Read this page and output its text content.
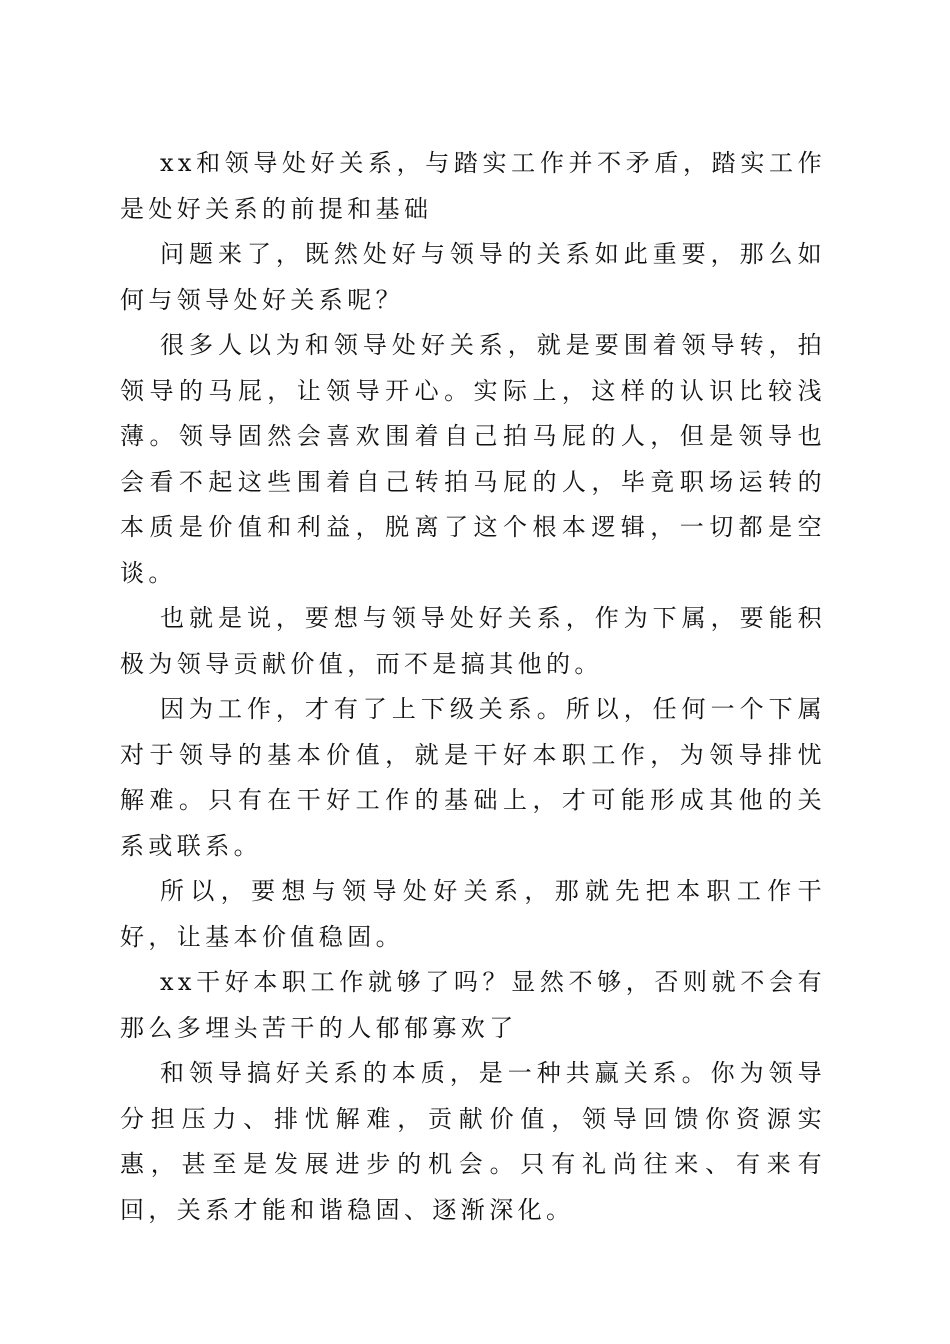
xx和领导处好关系，与踏实工作并不矛盾，踏实工作是处好关系的前提和基础

问题来了，既然处好与领导的关系如此重要，那么如何与领导处好关系呢？

很多人以为和领导处好关系，就是要围着领导转，拍领导的马屁，让领导开心。实际上，这样的认识比较浅薄。领导固然会喜欢围着自己拍马屁的人，但是领导也会看不起这些围着自己转拍马屁的人，毕竟职场运转的本质是价值和利益，脱离了这个根本逻辑，一切都是空谈。

也就是说，要想与领导处好关系，作为下属，要能积极为领导贡献价值，而不是搞其他的。

因为工作，才有了上下级关系。所以，任何一个下属对于领导的基本价值，就是干好本职工作，为领导排忧解难。只有在干好工作的基础上，才可能形成其他的关系或联系。

所以，要想与领导处好关系，那就先把本职工作干好，让基本价值稳固。

xx干好本职工作就够了吗？显然不够，否则就不会有那么多埋头苦干的人郁郁寡欢了

和领导搞好关系的本质，是一种共赢关系。你为领导分担压力、排忧解难，贡献价值，领导回馈你资源实惠，甚至是发展进步的机会。只有礼尚往来、有来有回，关系才能和谐稳固、逐渐深化。
